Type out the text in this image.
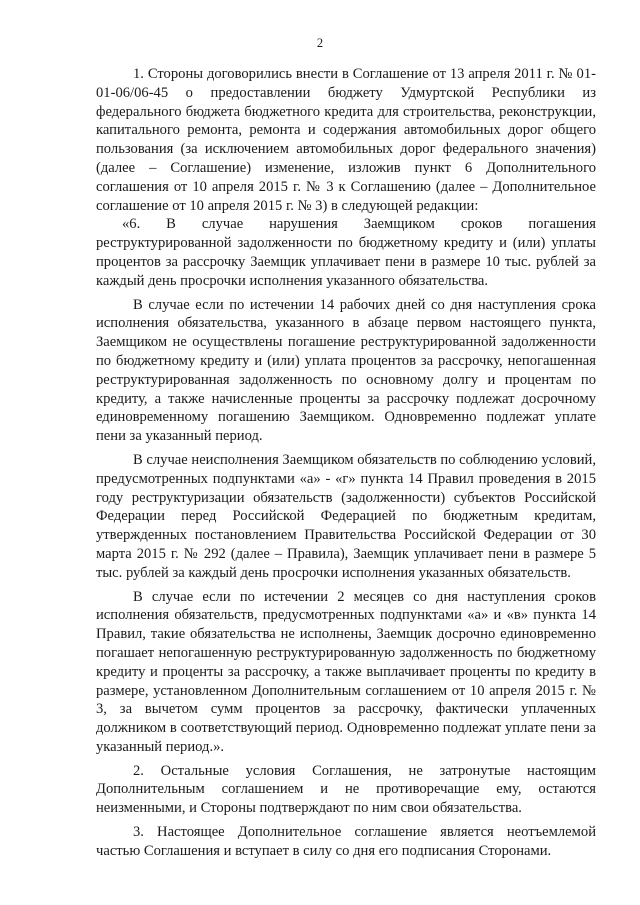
2

1. Стороны договорились внести в Соглашение от 13 апреля 2011 г. № 01-01-06/06-45 о предоставлении бюджету Удмуртской Республики из федерального бюджета бюджетного кредита для строительства, реконструкции, капитального ремонта, ремонта и содержания автомобильных дорог общего пользования (за исключением автомобильных дорог федерального значения) (далее – Соглашение) изменение, изложив пункт 6 Дополнительного соглашения от 10 апреля 2015 г. № 3 к Соглашению (далее – Дополнительное соглашение от 10 апреля 2015 г. № 3) в следующей редакции:

«6. В случае нарушения Заемщиком сроков погашения реструктурированной задолженности по бюджетному кредиту и (или) уплаты процентов за рассрочку Заемщик уплачивает пени в размере 10 тыс. рублей за каждый день просрочки исполнения указанного обязательства.

В случае если по истечении 14 рабочих дней со дня наступления срока исполнения обязательства, указанного в абзаце первом настоящего пункта, Заемщиком не осуществлены погашение реструктурированной задолженности по бюджетному кредиту и (или) уплата процентов за рассрочку, непогашенная реструктурированная задолженность по основному долгу и процентам по кредиту, а также начисленные проценты за рассрочку подлежат досрочному единовременному погашению Заемщиком. Одновременно подлежат уплате пени за указанный период.

В случае неисполнения Заемщиком обязательств по соблюдению условий, предусмотренных подпунктами «а» - «г» пункта 14 Правил проведения в 2015 году реструктуризации обязательств (задолженности) субъектов Российской Федерации перед Российской Федерацией по бюджетным кредитам, утвержденных постановлением Правительства Российской Федерации от 30 марта 2015 г. № 292 (далее – Правила), Заемщик уплачивает пени в размере 5 тыс. рублей за каждый день просрочки исполнения указанных обязательств.

В случае если по истечении 2 месяцев со дня наступления сроков исполнения обязательств, предусмотренных подпунктами «а» и «в» пункта 14 Правил, такие обязательства не исполнены, Заемщик досрочно единовременно погашает непогашенную реструктурированную задолженность по бюджетному кредиту и проценты за рассрочку, а также выплачивает проценты по кредиту в размере, установленном Дополнительным соглашением от 10 апреля 2015 г. № 3, за вычетом сумм процентов за рассрочку, фактически уплаченных должником в соответствующий период. Одновременно подлежат уплате пени за указанный период.».

2. Остальные условия Соглашения, не затронутые настоящим Дополнительным соглашением и не противоречащие ему, остаются неизменными, и Стороны подтверждают по ним свои обязательства.

3. Настоящее Дополнительное соглашение является неотъемлемой частью Соглашения и вступает в силу со дня его подписания Сторонами.
